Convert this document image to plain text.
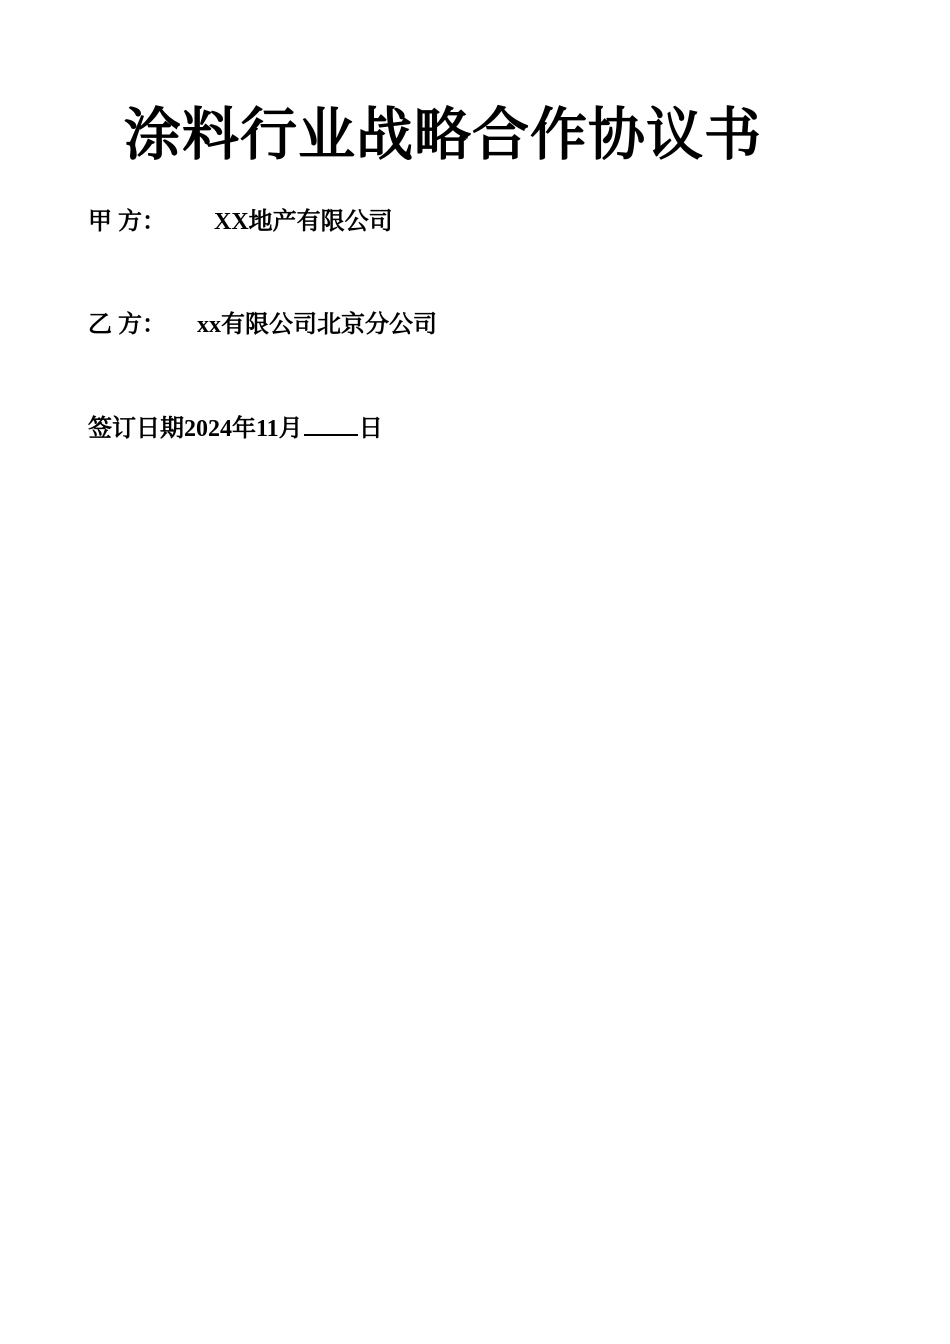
涂料行业战略合作协议书
甲 方： XX地产有限公司
乙 方： xx有限公司北京分公司
签订日期2024年11月 日
